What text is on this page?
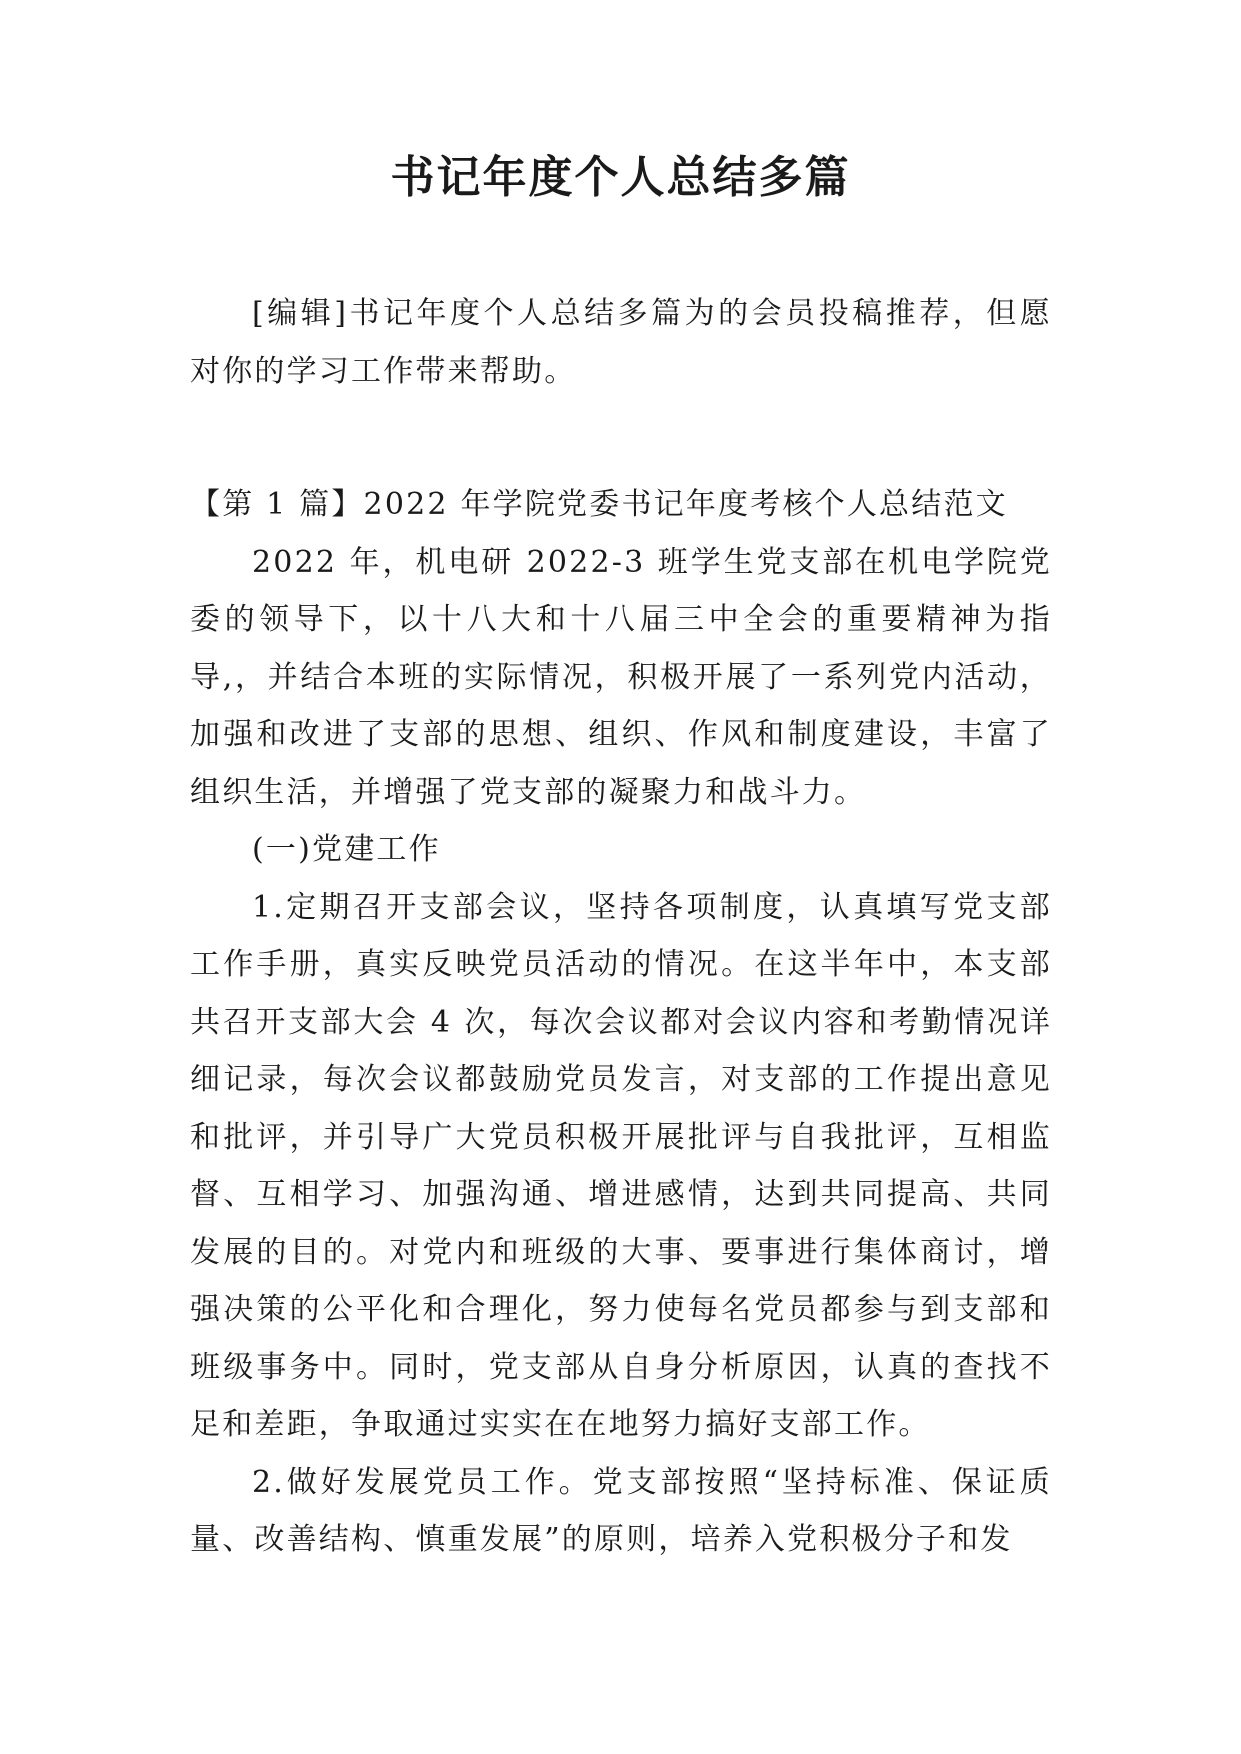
书记年度个人总结多篇

[编辑]书记年度个人总结多篇为的会员投稿推荐，但愿对你的学习工作带来帮助。

【第 1 篇】2022 年学院党委书记年度考核个人总结范文

2022 年，机电研 2022-3 班学生党支部在机电学院党委的领导下，以十八大和十八届三中全会的重要精神为指导,，并结合本班的实际情况，积极开展了一系列党内活动，加强和改进了支部的思想、组织、作风和制度建设，丰富了组织生活，并增强了党支部的凝聚力和战斗力。

(一)党建工作

1.定期召开支部会议，坚持各项制度，认真填写党支部工作手册，真实反映党员活动的情况。在这半年中，本支部共召开支部大会 4 次，每次会议都对会议内容和考勤情况详细记录，每次会议都鼓励党员发言，对支部的工作提出意见和批评，并引导广大党员积极开展批评与自我批评，互相监督、互相学习、加强沟通、增进感情，达到共同提高、共同发展的目的。对党内和班级的大事、要事进行集体商讨，增强决策的公平化和合理化，努力使每名党员都参与到支部和班级事务中。同时，党支部从自身分析原因，认真的查找不足和差距，争取通过实实在在地努力搞好支部工作。

2.做好发展党员工作。党支部按照“坚持标准、保证质量、改善结构、慎重发展”的原则，培养入党积极分子和发
